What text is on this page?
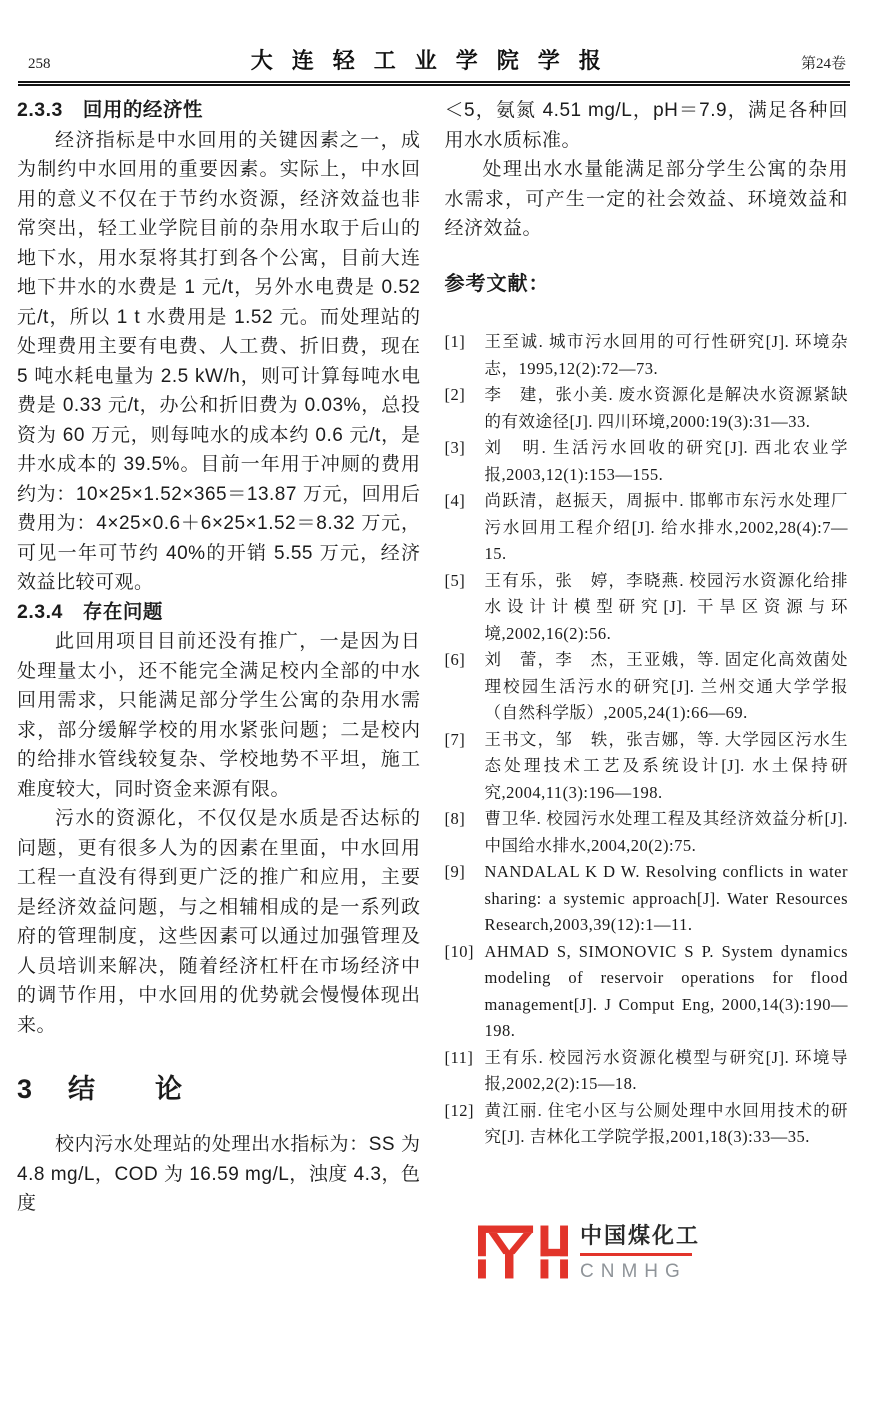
258	大连轻工业学院学报	第24卷
2.3.3　回用的经济性

经济指标是中水回用的关键因素之一，成为制约中水回用的重要因素。实际上，中水回用的意义不仅在于节约水资源，经济效益也非常突出，轻工业学院目前的杂用水取于后山的地下水，用水泵将其打到各个公寓，目前大连地下井水的水费是 1 元/t，另外水电费是 0.52 元/t，所以 1 t 水费用是 1.52 元。而处理站的处理费用主要有电费、人工费、折旧费，现在 5 吨水耗电量为 2.5 kW/h，则可计算每吨水电费是 0.33 元/t，办公和折旧费为 0.03%，总投资为 60 万元，则每吨水的成本约 0.6 元/t，是井水成本的 39.5%。目前一年用于冲厕的费用约为：10×25×1.52×365＝13.87 万元，回用后费用为：4×25×0.6＋6×25×1.52＝8.32 万元，可见一年可节约 40%的开销 5.55 万元，经济效益比较可观。

2.3.4　存在问题

此回用项目目前还没有推广，一是因为日处理量太小，还不能完全满足校内全部的中水回用需求，只能满足部分学生公寓的杂用水需求，部分缓解学校的用水紧张问题；二是校内的给排水管线较复杂、学校地势不平坦，施工难度较大，同时资金来源有限。

污水的资源化，不仅仅是水质是否达标的问题，更有很多人为的因素在里面，中水回用工程一直没有得到更广泛的推广和应用，主要是经济效益问题，与之相辅相成的是一系列政府的管理制度，这些因素可以通过加强管理及人员培训来解决，随着经济杠杆在市场经济中的调节作用，中水回用的优势就会慢慢体现出来。

3 结　　论

校内污水处理站的处理出水指标为：SS 为 4.8 mg/L，COD 为 16.59 mg/L，浊度 4.3，色度

＜5，氨氮 4.51 mg/L，pH＝7.9，满足各种回用水水质标准。

处理出水水量能满足部分学生公寓的杂用水需求，可产生一定的社会效益、环境效益和经济效益。

参考文献：
[1]	王至诚. 城市污水回用的可行性研究[J]. 环境杂志，1995,12(2):72—73.
[2]	李　建，张小美. 废水资源化是解决水资源紧缺的有效途径[J]. 四川环境,2000:19(3):31—33.
[3]	刘　明. 生活污水回收的研究[J]. 西北农业学报,2003,12(1):153—155.
[4]	尚跃清，赵振天，周振中. 邯郸市东污水处理厂污水回用工程介绍[J]. 给水排水,2002,28(4):7—15.
[5]	王有乐，张　婷，李晓燕. 校园污水资源化给排水设计计模型研究[J]. 干旱区资源与环境,2002,16(2):56.
[6]	刘　蕾，李　杰，王亚娥，等. 固定化高效菌处理校园生活污水的研究[J]. 兰州交通大学学报（自然科学版）,2005,24(1):66—69.
[7]	王书文，邹　轶，张吉娜，等. 大学园区污水生态处理技术工艺及系统设计[J]. 水土保持研究,2004,11(3):196—198.
[8]	曹卫华. 校园污水处理工程及其经济效益分析[J]. 中国给水排水,2004,20(2):75.
[9]	NANDALAL K D W. Resolving conflicts in water sharing: a systemic approach[J]. Water Resources Research,2003,39(12):1—11.
[10] AHMAD S, SIMONOVIC S P. System dynamics modeling of reservoir operations for flood management[J]. J Comput Eng, 2000,14(3):190—198.
[11] 王有乐. 校园污水资源化模型与研究[J]. 环境导报,2002,2(2):15—18.
[12] 黄江丽. 住宅小区与公厕处理中水回用技术的研究[J]. 吉林化工学院学报,2001,18(3):33—35.
中国煤化工
CNMHG
